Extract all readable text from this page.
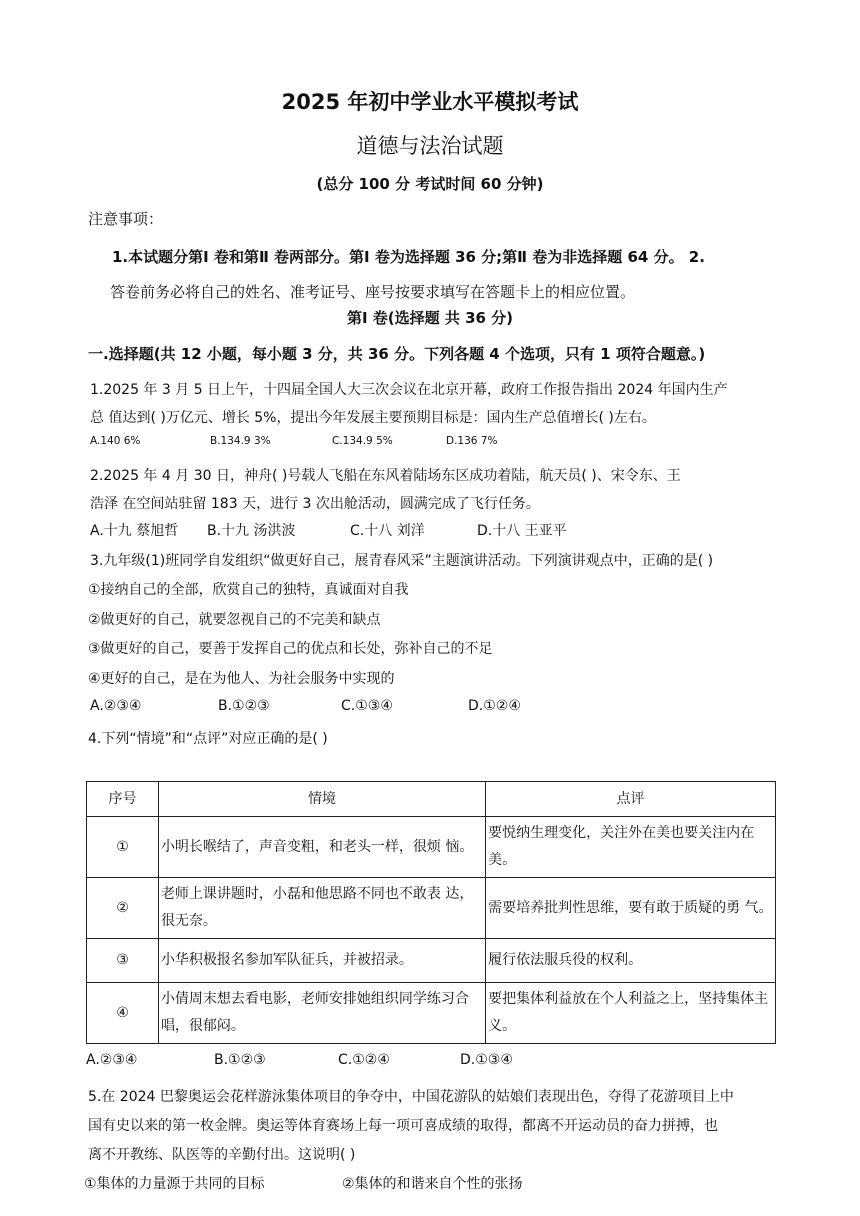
2025 年初中学业水平模拟考试
道德与法治试题
(总分 100 分 考试时间 60 分钟)
注意事项：
1.本试题分第Ⅰ 卷和第Ⅱ 卷两部分。第Ⅰ 卷为选择题 36 分;第Ⅱ 卷为非选择题 64 分。 2.
答卷前务必将自己的姓名、准考证号、座号按要求填写在答题卡上的相应位置。
第Ⅰ 卷(选择题 共 36 分)
一.选择题(共 12 小题，每小题 3 分，共 36 分。下列各题 4 个选项，只有 1 项符合题意。)
1.2025 年 3 月 5 日上午，十四届全国人大三次会议在北京开幕，政府工作报告指出 2024 年国内生产
总 值达到( )万亿元、增长 5%，提出今年发展主要预期目标是：国内生产总值增长( )左右。
A.140 6%	B.134.9 3%	C.134.9 5%	D.136 7%
2.2025 年 4 月 30 日，神舟( )号载人飞船在东风着陆场东区成功着陆，航天员( )、宋令东、王
浩泽 在空间站驻留 183 天，进行 3 次出舱活动，圆满完成了飞行任务。
A.十九 蔡旭哲	B.十九 汤洪波	C.十八 刘洋	D.十八 王亚平
3.九年级(1)班同学自发组织“做更好自己，展青春风采”主题演讲活动。下列演讲观点中，正确的是( )
①接纳自己的全部，欣赏自己的独特，真诚面对自我
②做更好的自己，就要忽视自己的不完美和缺点
③做更好的自己，要善于发挥自己的优点和长处，弥补自己的不足
④更好的自己，是在为他人、为社会服务中实现的
A.②③④	B.①②③	C.①③④	D.①②④
4.下列“情境”和“点评”对应正确的是( )
序号	情境	点评
①	小明长喉结了，声音变粗，和老头一样，很烦 恼。	要悦纳生理变化，关注外在美也要关注内在美。
②	老师上课讲题时，小磊和他思路不同也不敢表 达，很无奈。	需要培养批判性思维，要有敢于质疑的勇 气。
③	小华积极报名参加军队征兵，并被招录。	履行依法服兵役的权利。
④	小倩周末想去看电影，老师安排她组织同学练习合唱，很郁闷。	要把集体利益放在个人利益之上，坚持集体主义。
A.②③④	B.①②③	C.①②④	D.①③④
5.在 2024 巴黎奥运会花样游泳集体项目的争夺中，中国花游队的姑娘们表现出色，夺得了花游项目上中
国有史以来的第一枚金牌。奥运等体育赛场上每一项可喜成绩的取得，都离不开运动员的奋力拼搏，也
离不开教练、队医等的辛勤付出。这说明( )
①集体的力量源于共同的目标	②集体的和谐来自个性的张扬
